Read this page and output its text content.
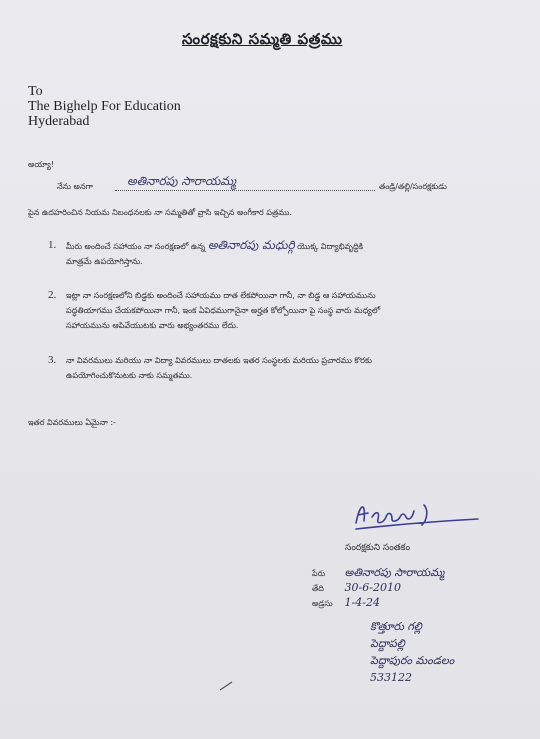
సంరక్షకుని సమ్మతి పత్రము
To
The Bighelp For Education
Hyderabad
అయ్యా!
నేను అనగా	అతినారపు సారాయమ్మ	తండ్రి/తల్లి/సంరక్షకుడు
పైన ఉదహరించిన నియమ నిబంధనలకు నా సమ్మతితో వ్రాసి ఇచ్చిన అంగీకార పత్రము.
1. మీరు అందించే సహాయం నా సంరక్షణలో ఉన్న అతినారపు మధుర్గి యొక్క విద్యాభివృద్ధికి
మాత్రమే ఉపయోగిస్తాను.
2. ఇట్లా నా సంరక్షణలోని బిడ్డకు అందించే సహాయము దాత లేకపోయినా గానీ, నా బిడ్డ ఆ సహాయమును
పద్ధతియాగము చేయకపోయినా గానీ, ఇంక ఏవిధముగానైనా అర్హత కోల్పోయినా పై సంస్థ వారు మధ్యలో
సహాయమును ఆపివేయుటకు వారు అభ్యంతరము లేదు.
3. నా వివరములు మరియు నా విద్యా వివరములు దాతలకు ఇతర సంస్థలకు మరియు ప్రచారము కొరకు
ఉపయోగించుకొనుటకు నాకు సమ్మతము.
ఇతర వివరములు ఏమైనా :-
సంరక్షకుని సంతకం
పేరు అతినారపు సారాయమ్మ
తేది 30-6-2010
అడ్రసు 1-4-24
కొత్తూరు గల్లి
పెద్దాపల్లి
పెద్దాపురం మండలం
533122
